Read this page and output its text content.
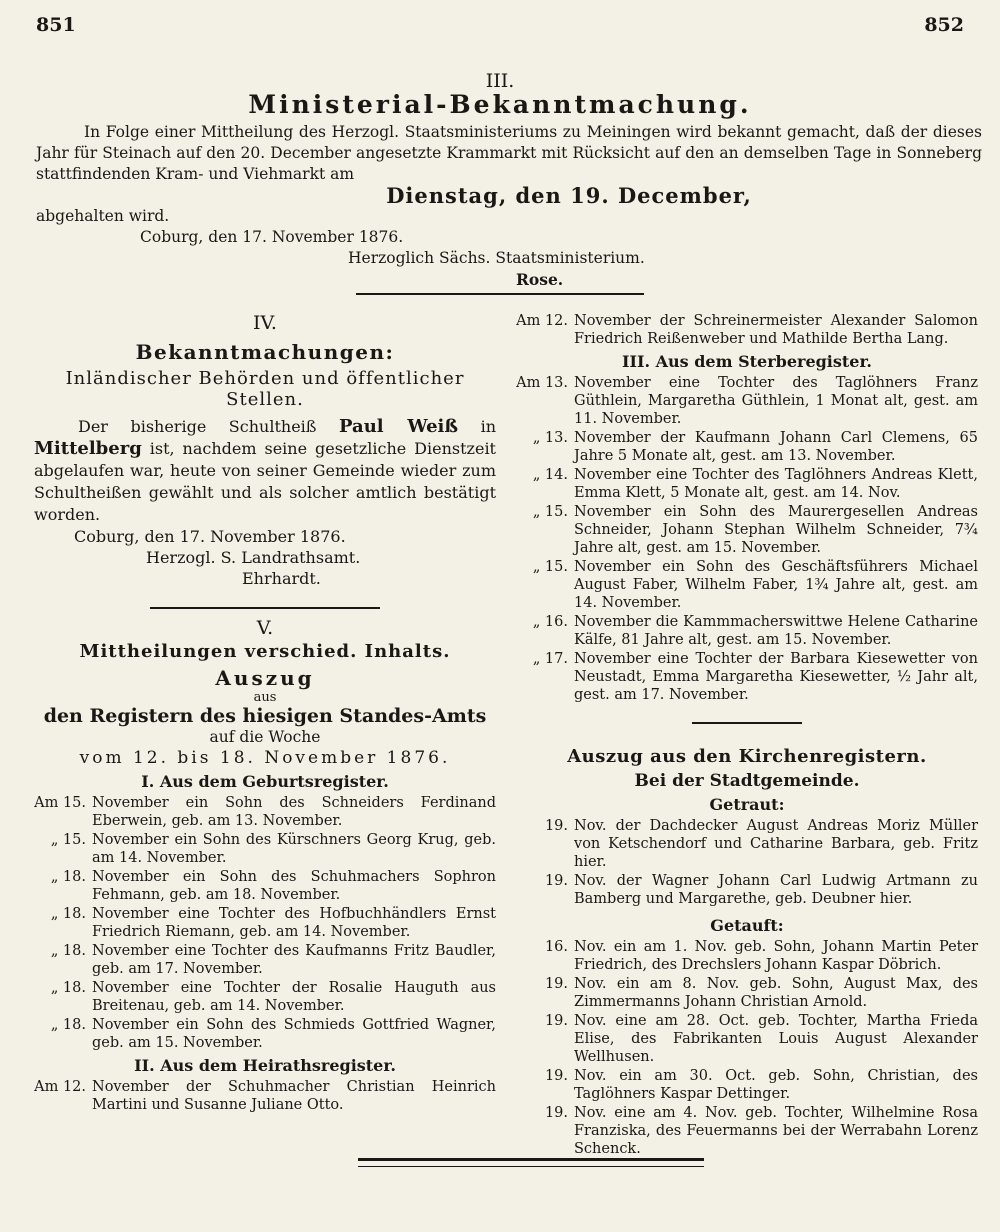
851	852
III.
Ministerial-Bekanntmachung.
In Folge einer Mittheilung des Herzogl. Staatsministeriums zu Meiningen wird bekannt gemacht, daß der dieses Jahr für Steinach auf den 20. December angesetzte Krammarkt mit Rücksicht auf den an demselben Tage in Sonneberg stattfindenden Kram- und Viehmarkt am
Dienstag, den 19. December,
abgehalten wird.
Coburg, den 17. November 1876.
Herzoglich Sächs. Staatsministerium.
Rose.
IV.
Bekanntmachungen:
Inländischer Behörden und öffentlicher Stellen.
Der bisherige Schultheiß Paul Weiß in Mittelberg ist, nachdem seine gesetzliche Dienstzeit abgelaufen war, heute von seiner Gemeinde wieder zum Schultheißen gewählt und als solcher amtlich bestätigt worden.
Coburg, den 17. November 1876.
Herzogl. S. Landrathsamt.
Ehrhardt.
V.
Mittheilungen verschied. Inhalts.
Auszug
aus
den Registern des hiesigen Standes-Amts
auf die Woche
vom 12. bis 18. November 1876.
I. Aus dem Geburtsregister.
Am 15. November ein Sohn des Schneiders Ferdinand Eberwein, geb. am 13. November.
„ 15. November ein Sohn des Kürschners Georg Krug, geb. am 14. November.
„ 18. November ein Sohn des Schuhmachers Sophron Fehmann, geb. am 18. November.
„ 18. November eine Tochter des Hofbuchhändlers Ernst Friedrich Riemann, geb. am 14. November.
„ 18. November eine Tochter des Kaufmanns Fritz Baudler, geb. am 17. November.
„ 18. November eine Tochter der Rosalie Hauguth aus Breitenau, geb. am 14. November.
„ 18. November ein Sohn des Schmieds Gottfried Wagner, geb. am 15. November.
II. Aus dem Heirathsregister.
Am 12. November der Schuhmacher Christian Heinrich Martini und Susanne Juliane Otto.
Am 12. November der Schreinermeister Alexander Salomon Friedrich Reißenweber und Mathilde Bertha Lang.
III. Aus dem Sterberegister.
Am 13. November eine Tochter des Taglöhners Franz Güthlein, Margaretha Güthlein, 1 Monat alt, gest. am 11. November.
„ 13. November der Kaufmann Johann Carl Clemens, 65 Jahre 5 Monate alt, gest. am 13. November.
„ 14. November eine Tochter des Taglöhners Andreas Klett, Emma Klett, 5 Monate alt, gest. am 14. Nov.
„ 15. November ein Sohn des Maurergesellen Andreas Schneider, Johann Stephan Wilhelm Schneider, 7¾ Jahre alt, gest. am 15. November.
„ 15. November ein Sohn des Geschäftsführers Michael August Faber, Wilhelm Faber, 1¾ Jahre alt, gest. am 14. November.
„ 16. November die Kammmacherswittwe Helene Catharine Kälfe, 81 Jahre alt, gest. am 15. November.
„ 17. November eine Tochter der Barbara Kiesewetter von Neustadt, Emma Margaretha Kiesewetter, ½ Jahr alt, gest. am 17. November.
Auszug aus den Kirchenregistern.
Bei der Stadtgemeinde.
Getraut:
19. Nov. der Dachdecker August Andreas Moriz Müller von Ketschendorf und Catharine Barbara, geb. Fritz hier.
19. Nov. der Wagner Johann Carl Ludwig Artmann zu Bamberg und Margarethe, geb. Deubner hier.
Getauft:
16. Nov. ein am 1. Nov. geb. Sohn, Johann Martin Peter Friedrich, des Drechslers Johann Kaspar Döbrich.
19. Nov. ein am 8. Nov. geb. Sohn, August Max, des Zimmermanns Johann Christian Arnold.
19. Nov. eine am 28. Oct. geb. Tochter, Martha Frieda Elise, des Fabrikanten Louis August Alexander Wellhusen.
19. Nov. ein am 30. Oct. geb. Sohn, Christian, des Taglöhners Kaspar Dettinger.
19. Nov. eine am 4. Nov. geb. Tochter, Wilhelmine Rosa Franziska, des Feuermanns bei der Werrabahn Lorenz Schenck.
